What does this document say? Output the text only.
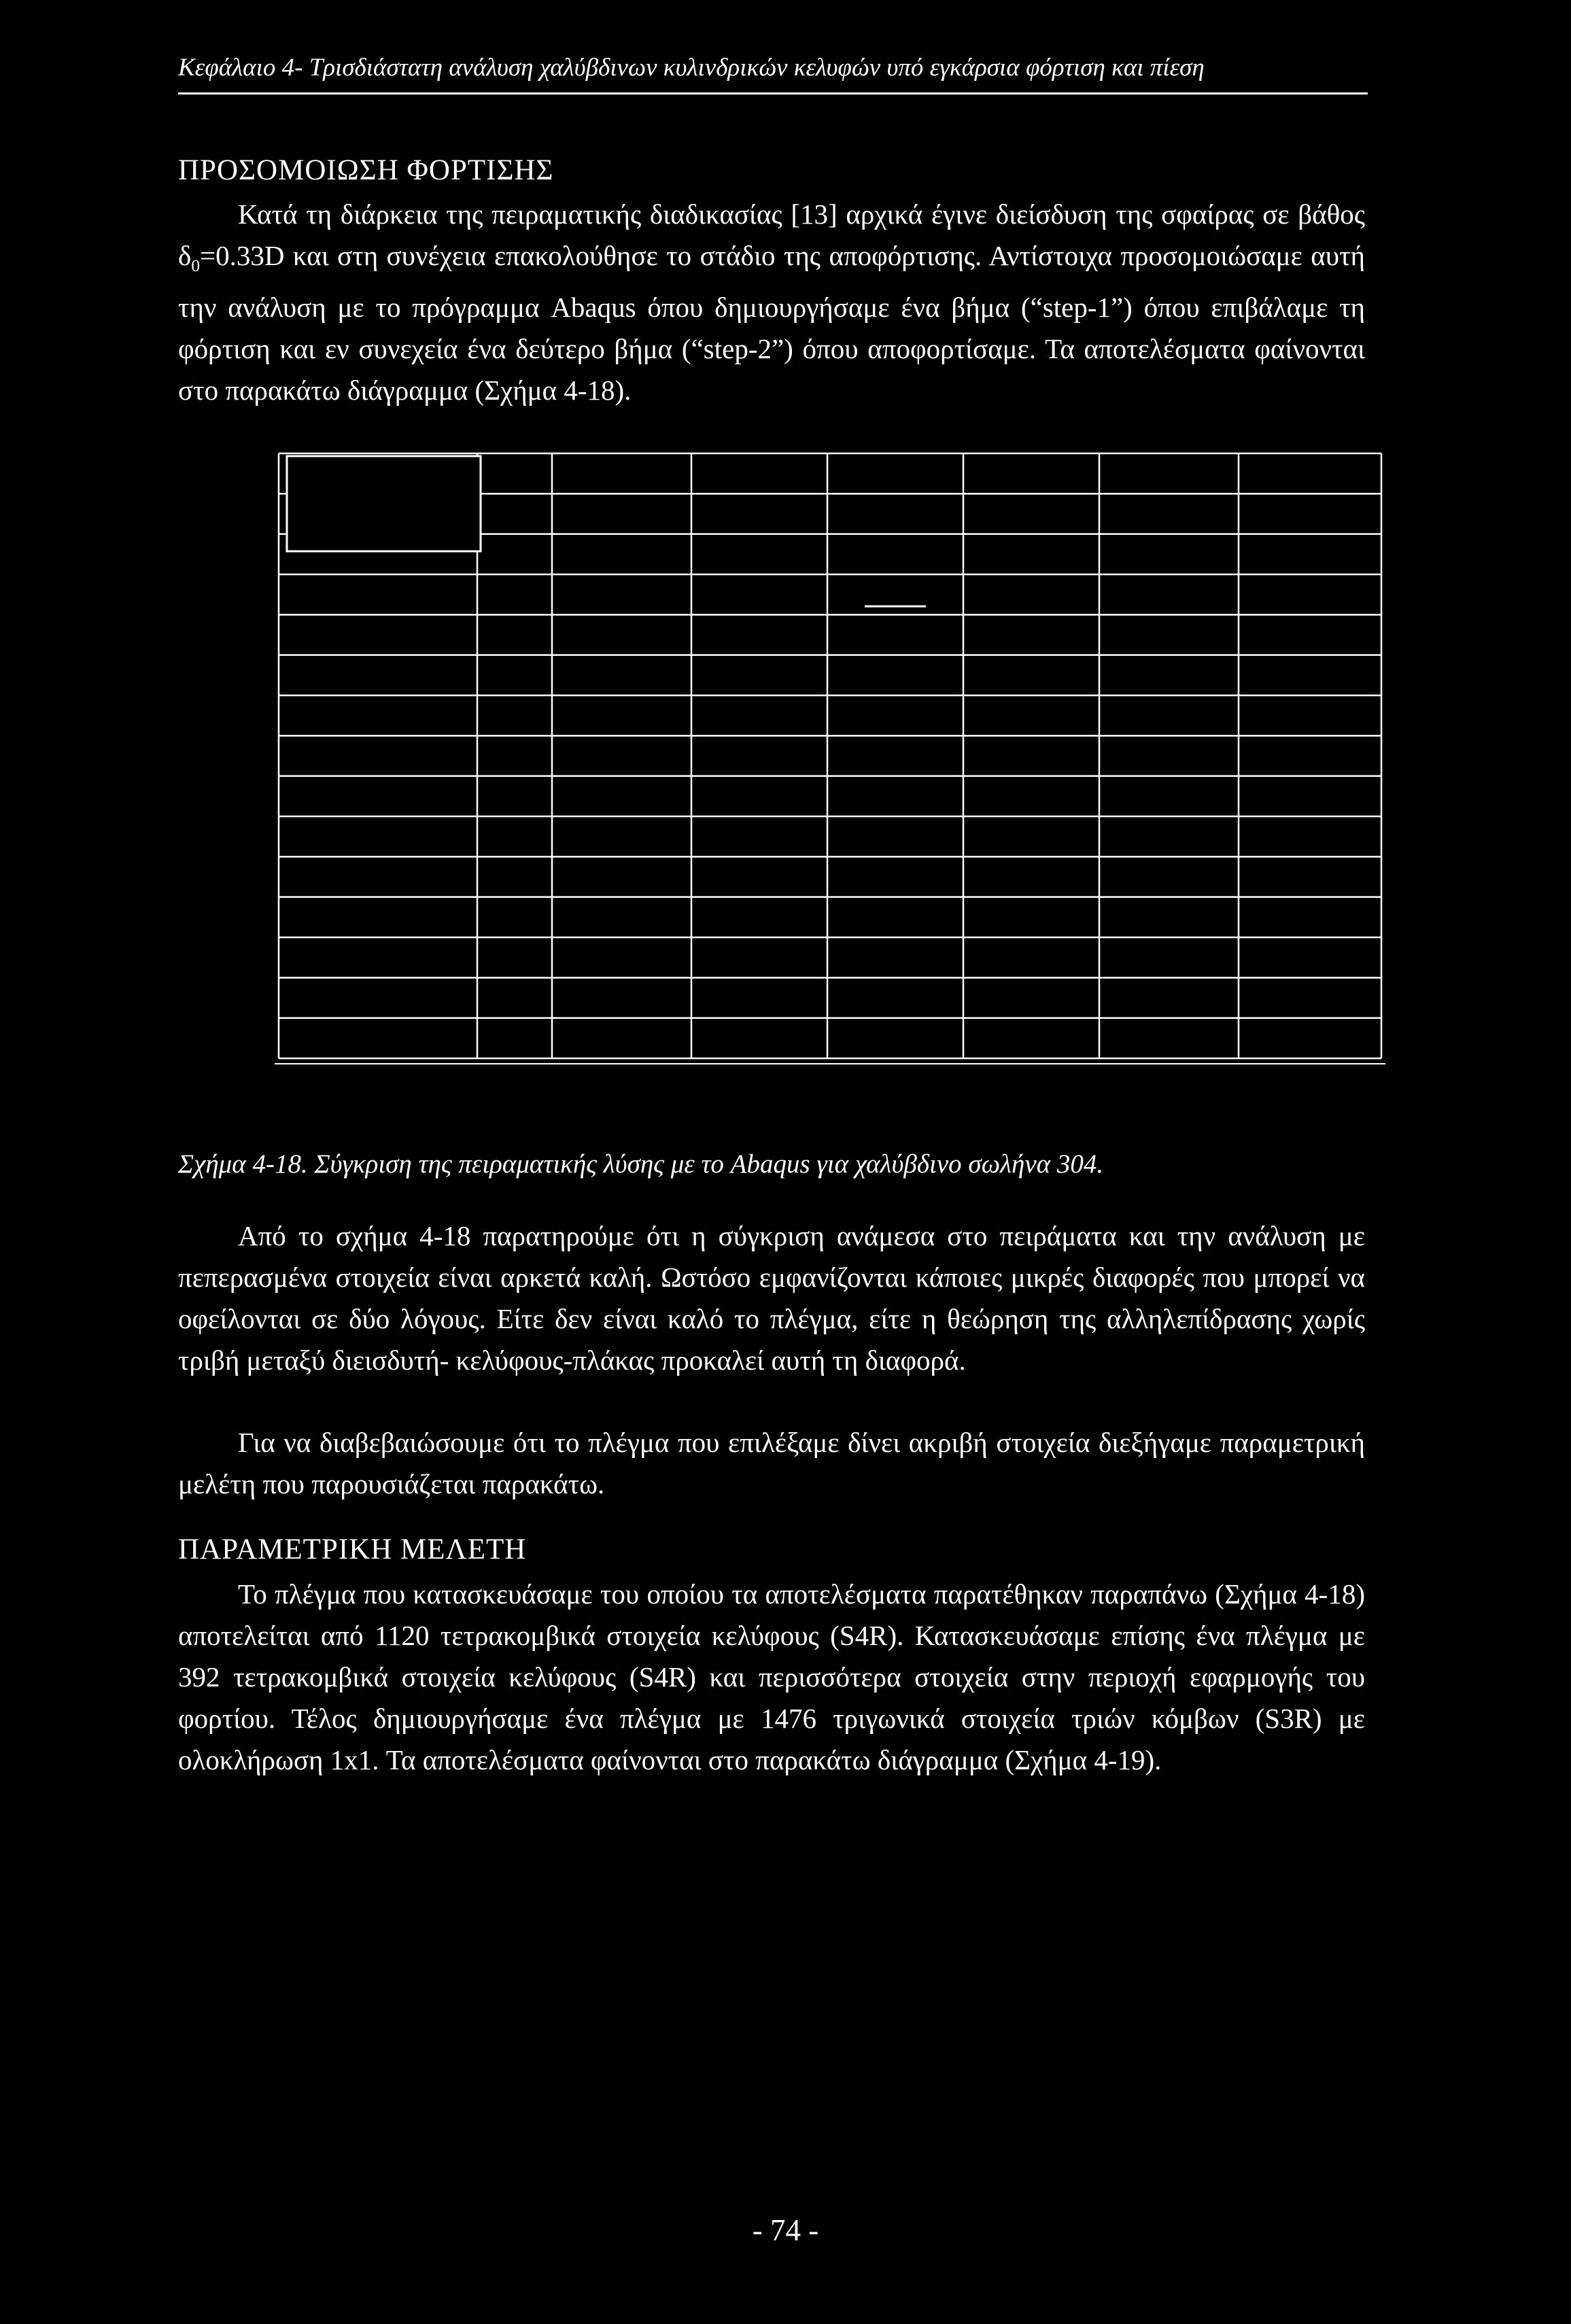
Κεφάλαιο 4- Τρισδιάστατη ανάλυση χαλύβδινων κυλινδρικών κελυφών υπό εγκάρσια φόρτιση και πίεση
ΠΡΟΣΟΜΟΙΩΣΗ ΦΟΡΤΙΣΗΣ
Κατά τη διάρκεια της πειραματικής διαδικασίας [13] αρχικά έγινε διείσδυση της σφαίρας σε βάθος $\delta_0=0.33D$ και στη συνέχεια επακολούθησε το στάδιο της αποφόρτισης. Αντίστοιχα προσομοιώσαμε αυτή την ανάλυση με το πρόγραμμα Abaqus όπου δημιουργήσαμε ένα βήμα (“step-1”) όπου επιβάλαμε τη φόρτιση και εν συνεχεία ένα δεύτερο βήμα (“step-2”) όπου αποφορτίσαμε. Τα αποτελέσματα φαίνονται στο παρακάτω διάγραμμα (Σχήμα 4-18).
Σχήμα 4-18. Σύγκριση της πειραματικής λύσης με το Abaqus για χαλύβδινο σωλήνα 304.
Από το σχήμα 4-18 παρατηρούμε ότι η σύγκριση ανάμεσα στο πειράματα και την ανάλυση με πεπερασμένα στοιχεία είναι αρκετά καλή. Ωστόσο εμφανίζονται κάποιες μικρές διαφορές που μπορεί να οφείλονται σε δύο λόγους. Είτε δεν είναι καλό το πλέγμα, είτε η θεώρηση της αλληλεπίδρασης χωρίς τριβή μεταξύ διεισδυτή- κελύφους-πλάκας προκαλεί αυτή τη διαφορά.
Για να διαβεβαιώσουμε ότι το πλέγμα που επιλέξαμε δίνει ακριβή στοιχεία διεξήγαμε παραμετρική μελέτη που παρουσιάζεται παρακάτω.
ΠΑΡΑΜΕΤΡΙΚΗ ΜΕΛΕΤΗ
Το πλέγμα που κατασκευάσαμε του οποίου τα αποτελέσματα παρατέθηκαν παραπάνω (Σχήμα 4-18) αποτελείται από 1120 τετρακομβικά στοιχεία κελύφους (S4R). Κατασκευάσαμε επίσης ένα πλέγμα με 392 τετρακομβικά στοιχεία κελύφους (S4R) και περισσότερα στοιχεία στην περιοχή εφαρμογής του φορτίου. Τέλος δημιουργήσαμε ένα πλέγμα με 1476 τριγωνικά στοιχεία τριών κόμβων (S3R) με ολοκλήρωση 1x1. Τα αποτελέσματα φαίνονται στο παρακάτω διάγραμμα (Σχήμα 4-19).
- 74 -
